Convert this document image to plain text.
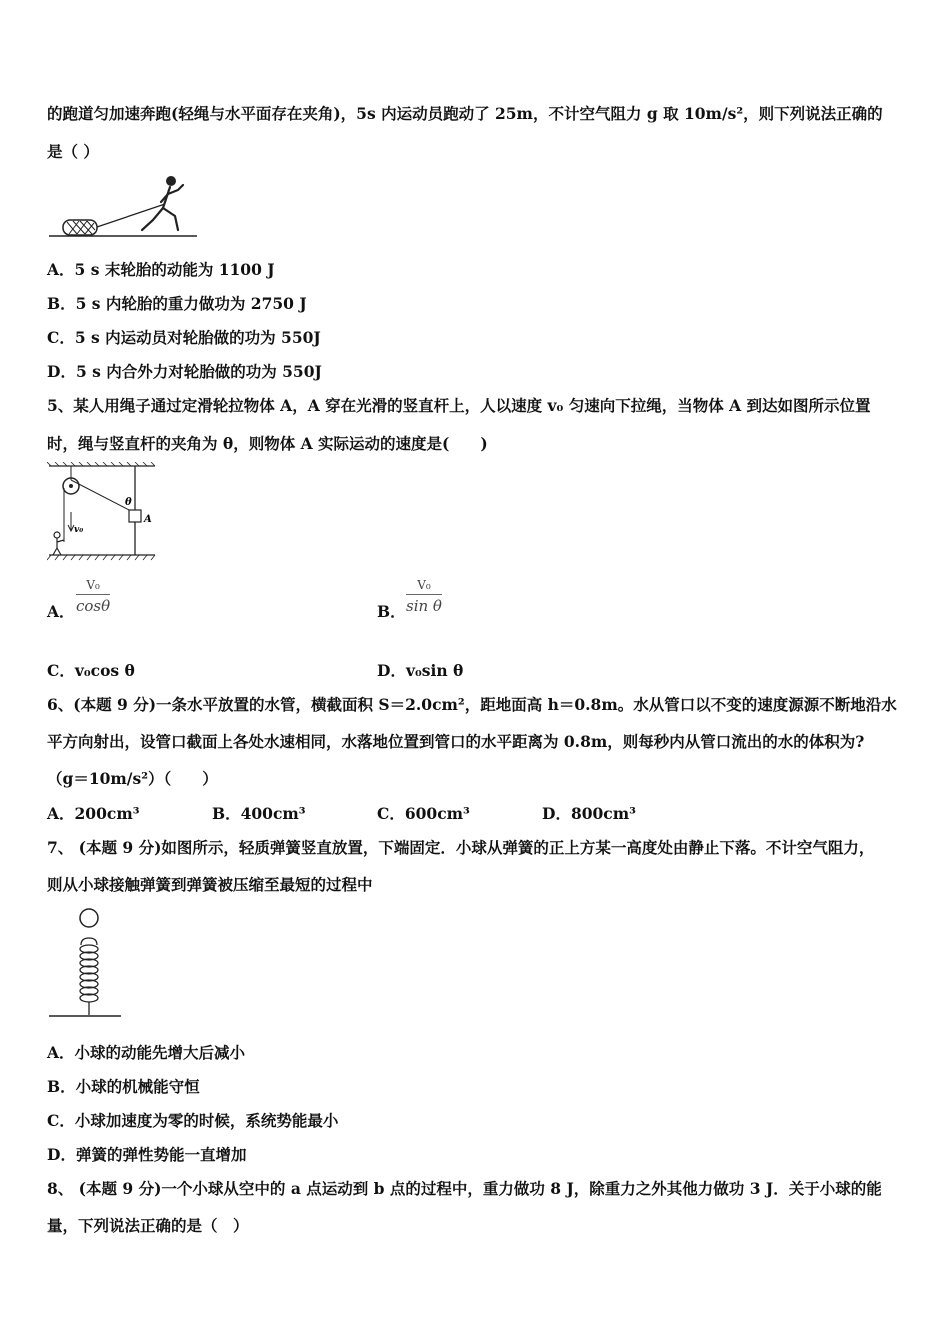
的跑道匀加速奔跑(轻绳与水平面存在夹角)，5s 内运动员跑动了 25m，不计空气阻力 g 取 10m/s²，则下列说法正确的
是（ ）
A．5 s 末轮胎的动能为 1100 J
B．5 s 内轮胎的重力做功为 2750 J
C．5 s 内运动员对轮胎做的功为 550J
D．5 s 内合外力对轮胎做的功为 550J
5、某人用绳子通过定滑轮拉物体 A，A 穿在光滑的竖直杆上，人以速度 v₀ 匀速向下拉绳，当物体 A 到达如图所示位置
时，绳与竖直杆的夹角为 θ，则物体 A 实际运动的速度是(　　)
θ
A
v₀
A．
V₀
cosθ	B．
V₀
sin θ
C．v₀cos θ	D．v₀sin θ
6、(本题 9 分)一条水平放置的水管，横截面积 S＝2.0cm²，距地面高 h＝0.8m。水从管口以不变的速度源源不断地沿水
平方向射出，设管口截面上各处水速相同，水落地位置到管口的水平距离为 0.8m，则每秒内从管口流出的水的体积为?
（g＝10m/s²）（　　）
A．200cm³	B．400cm³	C．600cm³	D．800cm³
7、 (本题 9 分)如图所示，轻质弹簧竖直放置，下端固定．小球从弹簧的正上方某一高度处由静止下落。不计空气阻力，
则从小球接触弹簧到弹簧被压缩至最短的过程中
A．小球的动能先增大后减小
B．小球的机械能守恒
C．小球加速度为零的时候，系统势能最小
D．弹簧的弹性势能一直增加
8、 (本题 9 分)一个小球从空中的 a 点运动到 b 点的过程中，重力做功 8 J，除重力之外其他力做功 3 J．关于小球的能
量，下列说法正确的是（　）
